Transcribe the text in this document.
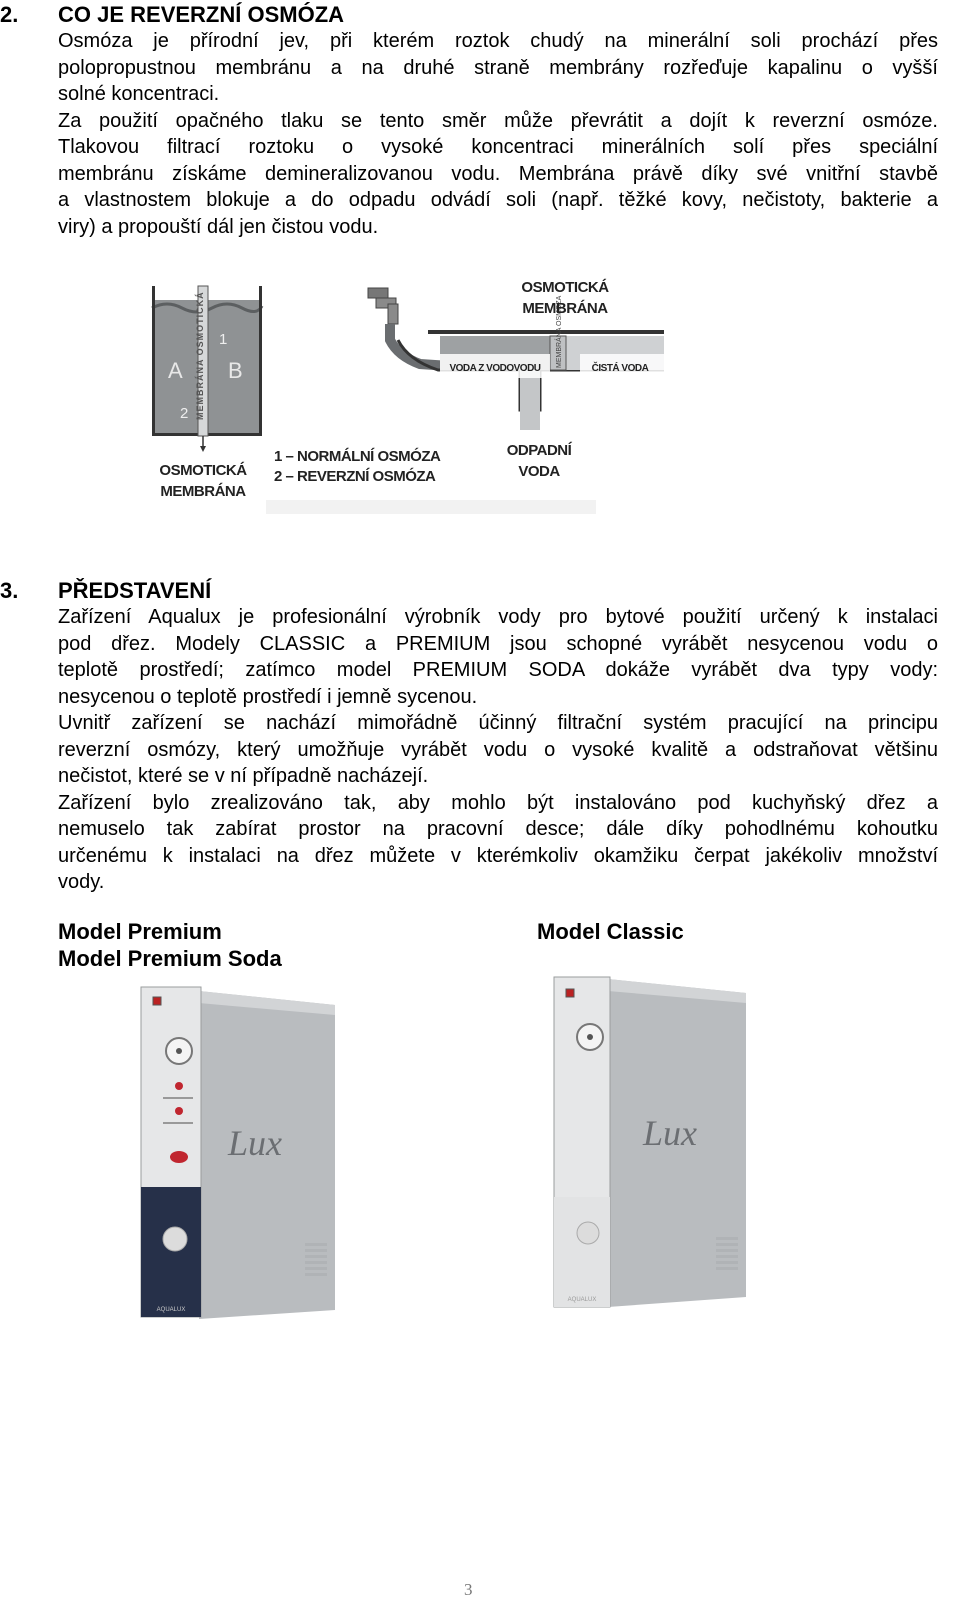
2. CO JE REVERZNÍ OSMÓZA
Osmóza je přírodní jev, při kterém roztok chudý na minerální soli prochází přes
polopropustnou membránu a na druhé straně membrány rozřeďuje kapalinu o vyšší
solné koncentraci.
Za použití opačného tlaku se tento směr může převrátit a dojít k reverzní osmóze.
Tlakovou filtrací roztoku o vysoké koncentraci minerálních solí přes speciální
membránu získáme demineralizovanou vodu. Membrána právě díky své vnitřní stavbě
a vlastnostem blokuje a do odpadu odvádí soli (např. těžké kovy, nečistoty, bakterie a
viry) a propouští dál jen čistou vodu.
MEMBRÁNA OSMOTICKÁ
A B
1
2
MEMBRÁNA OSMOZA
OSMOTICKÁ
MEMBRÁNA
1 – NORMÁLNÍ OSMÓZA
2 – REVERZNÍ OSMÓZA
OSMOTICKÁ
MEMBRÁNA
VODA Z VODOVODU	ČISTÁ VODA
ODPADNÍ
VODA
3. PŘEDSTAVENÍ
Zařízení Aqualux je profesionální výrobník vody pro bytové použití určený k instalaci
pod dřez. Modely CLASSIC a PREMIUM jsou schopné vyrábět nesycenou vodu o
teplotě prostředí; zatímco model PREMIUM SODA dokáže vyrábět dva typy vody:
nesycenou o teplotě prostředí i jemně sycenou.
Uvnitř zařízení se nachází mimořádně účinný filtrační systém pracující na principu
reverzní osmózy, který umožňuje vyrábět vodu o vysoké kvalitě a odstraňovat většinu
nečistot, které se v ní případně nacházejí.
Zařízení bylo zrealizováno tak, aby mohlo být instalováno pod kuchyňský dřez a
nemuselo tak zabírat prostor na pracovní desce; dále díky pohodlnému kohoutku
určenému k instalaci na dřez můžete v kterémkoliv okamžiku čerpat jakékoliv množství
vody.
Model Premium
Model Premium Soda
Model Classic
Lux
AQUALUX
Lux
AQUALUX
3
